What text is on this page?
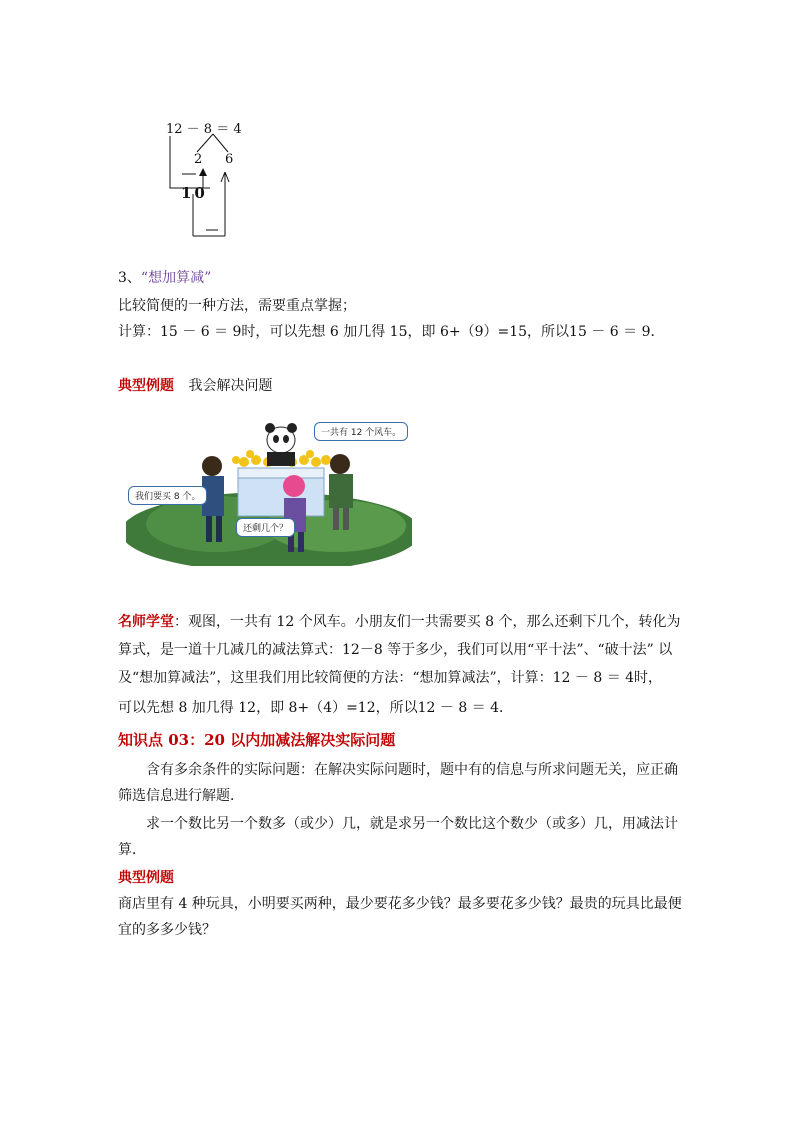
12 － 8 ＝ 4
2 6
10
3、“想加算减”
比较简便的一种方法，需要重点掌握；
计算：15 － 6 ＝ 9时，可以先想 6 加几得 15，即 6+（9）=15，所以15 － 6 ＝ 9．
典型例题 我会解决问题
一共有 12 个风车。
我们要买 8 个。
还剩几个？
名师学堂：观图，一共有 12 个风车。小朋友们一共需要买 8 个，那么还剩下几个，转化为
算式，是一道十几减几的减法算式：12－8 等于多少，我们可以用“平十法”、“破十法” 以
及“想加算减法”，这里我们用比较简便的方法：“想加算减法”，计算：12 － 8 ＝ 4时，
可以先想 8 加几得 12，即 8+（4）=12，所以12 － 8 ＝ 4．
知识点 03：20 以内加减法解决实际问题
含有多余条件的实际问题：在解决实际问题时，题中有的信息与所求问题无关，应正确
筛选信息进行解题．
求一个数比另一个数多（或少）几，就是求另一个数比这个数少（或多）几，用减法计
算．
典型例题
商店里有 4 种玩具，小明要买两种，最少要花多少钱？最多要花多少钱？最贵的玩具比最便
宜的多多少钱？
